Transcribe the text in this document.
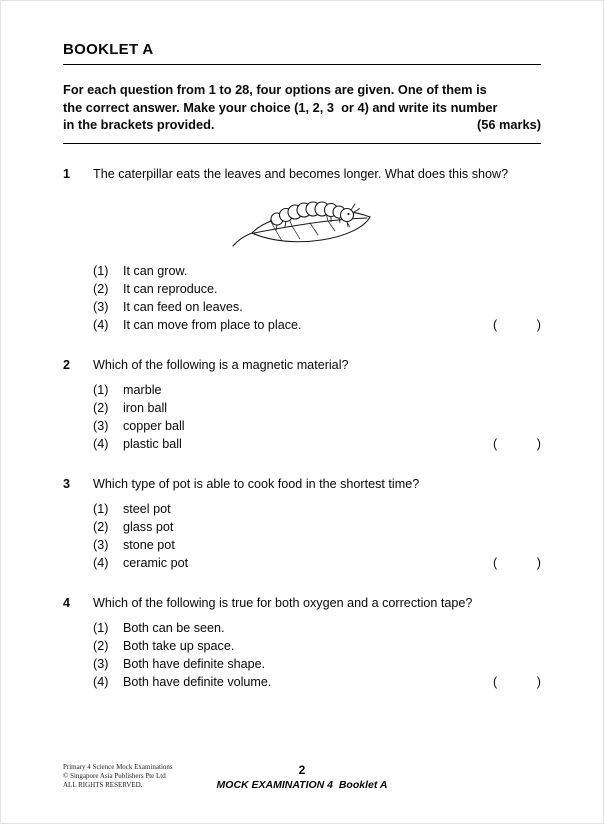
BOOKLET A
For each question from 1 to 28, four options are given. One of them is
the correct answer. Make your choice (1, 2, 3  or 4) and write its number
in the brackets provided.	(56 marks)
1	The caterpillar eats the leaves and becomes longer. What does this show?

(1)	It can grow.
(2)	It can reproduce.
(3)	It can feed on leaves.
(4)	It can move from place to place.	(	)
2	Which of the following is a magnetic material?

(1)	marble
(2)	iron ball
(3)	copper ball
(4)	plastic ball	(	)
3	Which type of pot is able to cook food in the shortest time?

(1)	steel pot
(2)	glass pot
(3)	stone pot
(4)	ceramic pot	(	)
4	Which of the following is true for both oxygen and a correction tape?

(1)	Both can be seen.
(2)	Both take up space.
(3)	Both have definite shape.
(4)	Both have definite volume.	(	)
Primary 4 Science Mock Examinations
© Singapore Asia Publishers Pte Ltd
ALL RIGHTS RESERVED.
2
MOCK EXAMINATION 4  Booklet A
